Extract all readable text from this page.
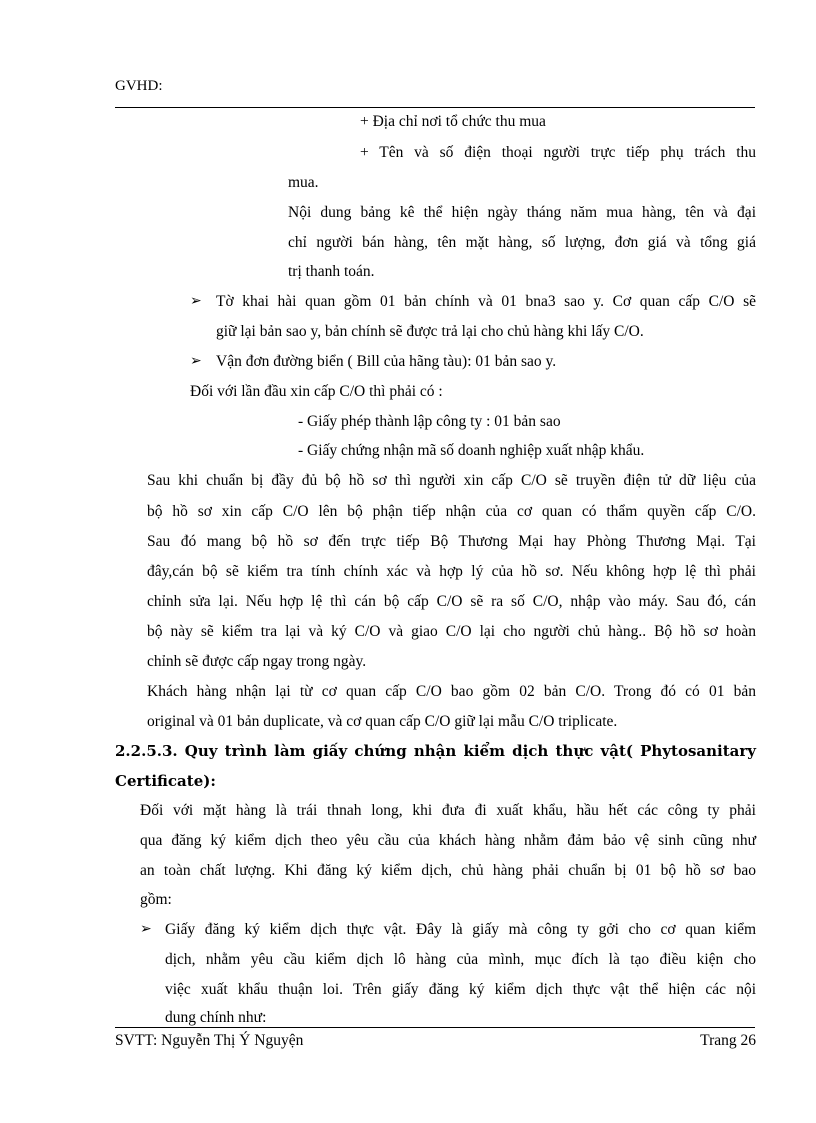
GVHD:
+ Địa chỉ nơi tổ chức thu mua
+ Tên và số điện thoại người trực tiếp phụ trách thu
mua.
Nội dung bảng kê thể hiện ngày tháng năm mua hàng, tên và đại
chỉ người bán hàng, tên mặt hàng, số lượng, đơn giá và tổng giá
trị thanh toán.
➢ Tờ khai hài quan gồm 01 bản chính và 01 bna3 sao y. Cơ quan cấp C/O sẽ
giữ lại bản sao y, bản chính sẽ được trả lại cho chủ hàng khi lấy C/O.
➢ Vận đơn đường biển ( Bill của hãng tàu): 01 bản sao y.
Đối với lần đầu xin cấp C/O thì phải có :
- Giấy phép thành lập công ty : 01 bản sao
- Giấy chứng nhận mã số doanh nghiệp xuất nhập khẩu.
Sau khi chuẩn bị đầy đủ bộ hồ sơ thì người xin cấp C/O sẽ truyền điện tử dữ liệu của
bộ hồ sơ xin cấp C/O lên bộ phận tiếp nhận của cơ quan có thẩm quyền cấp C/O.
Sau đó mang bộ hồ sơ đến trực tiếp Bộ Thương Mại hay Phòng Thương Mại. Tại
đây,cán bộ sẽ kiểm tra tính chính xác và hợp lý của hồ sơ. Nếu không hợp lệ thì phải
chỉnh sửa lại. Nếu hợp lệ thì cán bộ cấp C/O sẽ ra số C/O, nhập vào máy. Sau đó, cán
bộ này sẽ kiểm tra lại và ký C/O và giao C/O lại cho người chủ hàng.. Bộ hồ sơ hoàn
chỉnh sẽ được cấp ngay trong ngày.
Khách hàng nhận lại từ cơ quan cấp C/O bao gồm 02 bản C/O. Trong đó có 01 bản
original và 01 bản duplicate, và cơ quan cấp C/O giữ lại mẫu C/O triplicate.
2.2.5.3. Quy trình làm giấy chứng nhận kiểm dịch thực vật( Phytosanitary
Certificate):
Đối với mặt hàng là trái thnah long, khi đưa đi xuất khẩu, hầu hết các công ty phải
qua đăng ký kiểm dịch theo yêu cầu của khách hàng nhằm đảm bảo vệ sinh cũng như
an toàn chất lượng. Khi đăng ký kiểm dịch, chủ hàng phải chuẩn bị 01 bộ hồ sơ bao
gồm:
➢ Giấy đăng ký kiểm dịch thực vật. Đây là giấy mà công ty gởi cho cơ quan kiểm
dịch, nhằm yêu cầu kiểm dịch lô hàng của mình, mục đích là tạo điều kiện cho
việc xuất khẩu thuận loi. Trên giấy đăng ký kiểm dịch thực vật thể hiện các nội
dung chính như:
SVTT: Nguyễn Thị Ý Nguyện	Trang 26
